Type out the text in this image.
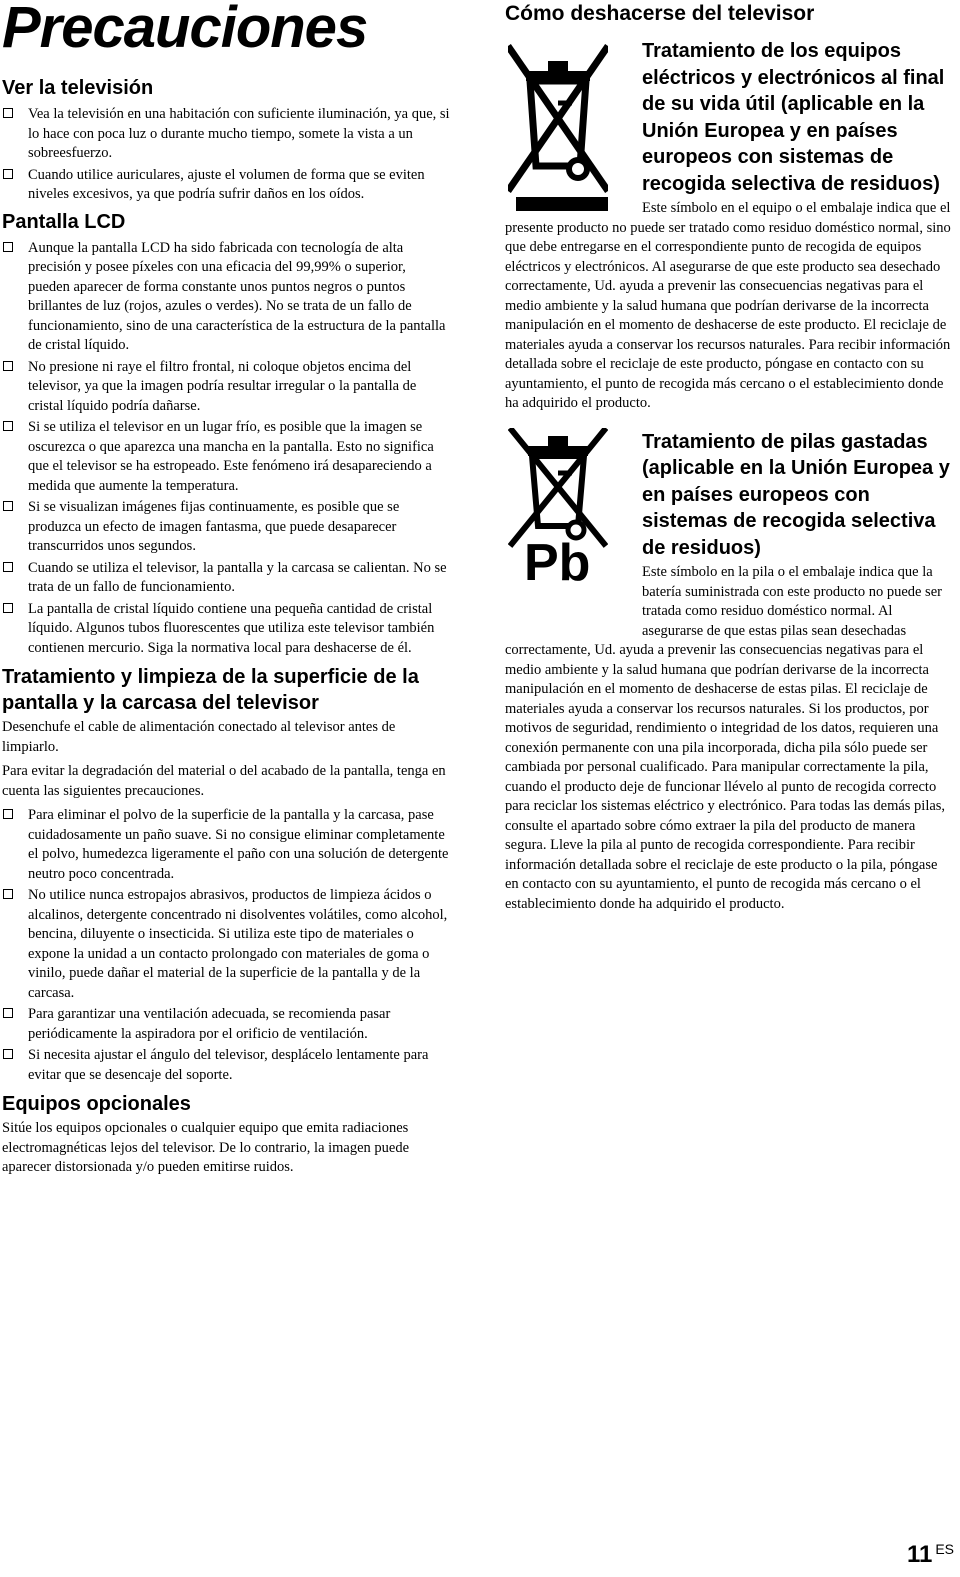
Precauciones
Ver la televisión
Vea la televisión en una habitación con suficiente iluminación, ya que, si lo hace con poca luz o durante mucho tiempo, somete la vista a un sobreesfuerzo.
Cuando utilice auriculares, ajuste el volumen de forma que se eviten niveles excesivos, ya que podría sufrir daños en los oídos.
Pantalla LCD
Aunque la pantalla LCD ha sido fabricada con tecnología de alta precisión y posee píxeles con una eficacia del 99,99% o superior, pueden aparecer de forma constante unos puntos negros o puntos brillantes de luz (rojos, azules o verdes). No se trata de un fallo de funcionamiento, sino de una característica de la estructura de la pantalla de cristal líquido.
No presione ni raye el filtro frontal, ni coloque objetos encima del televisor, ya que la imagen podría resultar irregular o la pantalla de cristal líquido podría dañarse.
Si se utiliza el televisor en un lugar frío, es posible que la imagen se oscurezca o que aparezca una mancha en la pantalla. Esto no significa que el televisor se ha estropeado. Este fenómeno irá desapareciendo a medida que aumente la temperatura.
Si se visualizan imágenes fijas continuamente, es posible que se produzca un efecto de imagen fantasma, que puede desaparecer transcurridos unos segundos.
Cuando se utiliza el televisor, la pantalla y la carcasa se calientan. No se trata de un fallo de funcionamiento.
La pantalla de cristal líquido contiene una pequeña cantidad de cristal líquido. Algunos tubos fluorescentes que utiliza este televisor también contienen mercurio. Siga la normativa local para deshacerse de él.
Tratamiento y limpieza de la superficie de la pantalla y la carcasa del televisor

Desenchufe el cable de alimentación conectado al televisor antes de limpiarlo.

Para evitar la degradación del material o del acabado de la pantalla, tenga en cuenta las siguientes precauciones.

Para eliminar el polvo de la superficie de la pantalla y la carcasa, pase cuidadosamente un paño suave. Si no consigue eliminar completamente el polvo, humedezca ligeramente el paño con una solución de detergente neutro poco concentrada.
No utilice nunca estropajos abrasivos, productos de limpieza ácidos o alcalinos, detergente concentrado ni disolventes volátiles, como alcohol, bencina, diluyente o insecticida. Si utiliza este tipo de materiales o expone la unidad a un contacto prolongado con materiales de goma o vinilo, puede dañar el material de la superficie de la pantalla y de la carcasa.
Para garantizar una ventilación adecuada, se recomienda pasar periódicamente la aspiradora por el orificio de ventilación.
Si necesita ajustar el ángulo del televisor, desplácelo lentamente para evitar que se desencaje del soporte.
Equipos opcionales

Sitúe los equipos opcionales o cualquier equipo que emita radiaciones electromagnéticas lejos del televisor. De lo contrario, la imagen puede aparecer distorsionada y/o pueden emitirse ruidos.

Cómo deshacerse del televisor
Tratamiento de los equipos eléctricos y electrónicos al final de su vida útil (aplicable en la Unión Europea y en países europeos con sistemas de recogida selectiva de residuos)

Este símbolo en el equipo o el embalaje indica que el presente producto no puede ser tratado como residuo doméstico normal, sino que debe entregarse en el correspondiente punto de recogida de equipos eléctricos y electrónicos. Al asegurarse de que este producto sea desechado correctamente, Ud. ayuda a prevenir las consecuencias negativas para el medio ambiente y la salud humana que podrían derivarse de la incorrecta manipulación en el momento de deshacerse de este producto. El reciclaje de materiales ayuda a conservar los recursos naturales. Para recibir información detallada sobre el reciclaje de este producto, póngase en contacto con su ayuntamiento, el punto de recogida más cercano o el establecimiento donde ha adquirido el producto.

Pb
Tratamiento de pilas gastadas (aplicable en la Unión Europea y en países europeos con sistemas de recogida selectiva de residuos)

Este símbolo en la pila o el embalaje indica que la batería suministrada con este producto no puede ser tratada como residuo doméstico normal. Al asegurarse de que estas pilas sean desechadas correctamente, Ud. ayuda a prevenir las consecuencias negativas para el medio ambiente y la salud humana que podrían derivarse de la incorrecta manipulación en el momento de deshacerse de estas pilas. El reciclaje de materiales ayuda a conservar los recursos naturales. Si los productos, por motivos de seguridad, rendimiento o integridad de los datos, requieren una conexión permanente con una pila incorporada, dicha pila sólo puede ser cambiada por personal cualificado. Para manipular correctamente la pila, cuando el producto deje de funcionar llévelo al punto de recogida correcto para reciclar los sistemas eléctrico y electrónico. Para todas las demás pilas, consulte el apartado sobre cómo extraer la pila del producto de manera segura. Lleve la pila al punto de recogida correspondiente. Para recibir información detallada sobre el reciclaje de este producto o la pila, póngase en contacto con su ayuntamiento, el punto de recogida más cercano o el establecimiento donde ha adquirido el producto.

11 ES
